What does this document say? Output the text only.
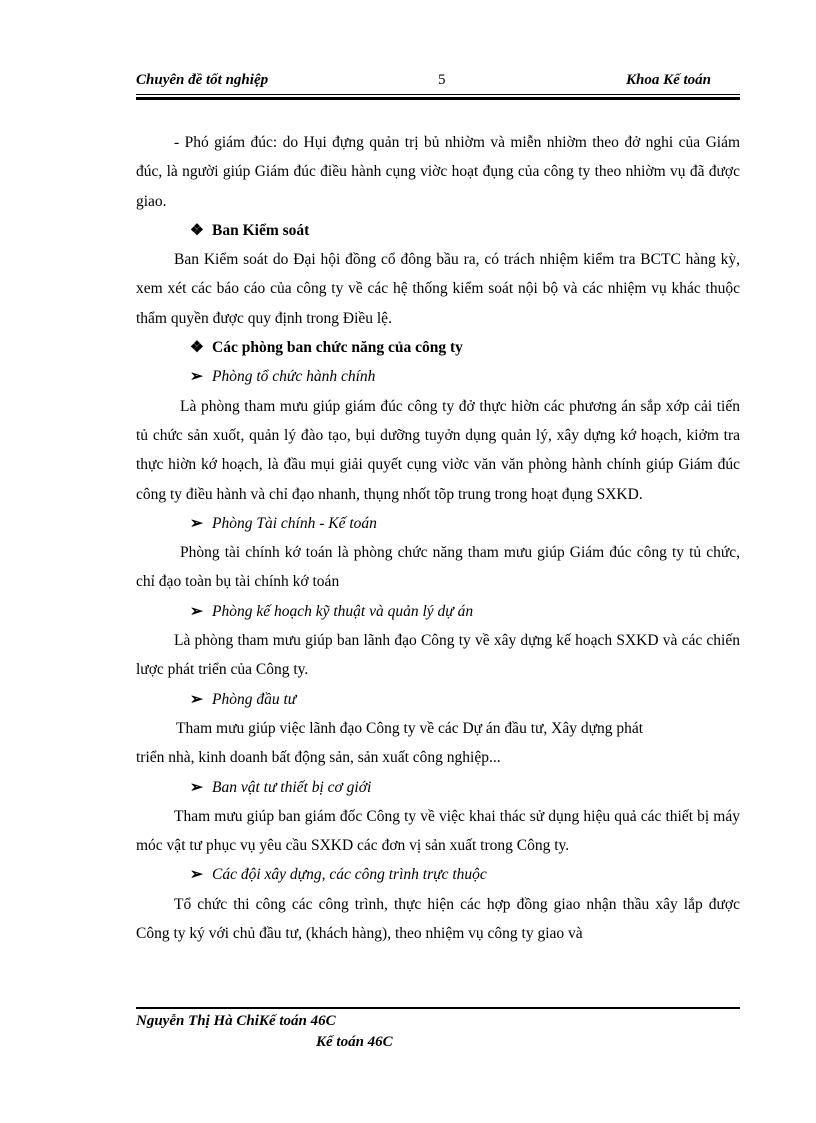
Chuyên đề tốt nghiệp	5	Khoa Kế toán

- Phó giám đúc: do Hụi đựng quản trị bủ nhiờm và miễn nhiờm theo đở nghi của Giám đúc, là người giúp Giám đúc điều hành cụng viờc hoạt đụng của công ty theo nhiờm vụ đã được giao.

❖ Ban Kiểm soát

Ban Kiểm soát do Đại hội đồng cổ đông bầu ra, có trách nhiệm kiểm tra BCTC hàng kỳ, xem xét các báo cáo của công ty về các hệ thống kiểm soát nội bộ và các nhiệm vụ khác thuộc thẩm quyền được quy định trong Điều lệ.

❖ Các phòng ban chức năng của công ty

➢ Phòng tổ chức hành chính

Là phòng tham mưu giúp giám đúc công ty đở thực hiờn các phương án sắp xớp cải tiến tủ chức sản xuốt, quản lý đào tạo, bụi dưỡng tuyởn dụng quản lý, xây dựng kớ hoạch, kiởm tra thực hiờn kớ hoạch, là đầu mụi giải quyết cụng viờc văn văn phòng hành chính giúp Giám đúc công ty điều hành và chỉ đạo nhanh, thụng nhốt tõp trung trong hoạt đụng SXKD.

➢ Phòng Tài chính - Kế toán

Phòng tài chính kớ toán là phòng chức năng tham mưu giúp Giám đúc công ty tủ chức, chỉ đạo toàn bụ tài chính kớ toán

➢ Phòng kế hoạch kỹ thuật và quản lý dự án

Là phòng tham mưu giúp ban lãnh đạo Công ty về xây dựng kế hoạch SXKD và các chiến lược phát triển của Công ty.

➢ Phòng đầu tư

Tham mưu giúp việc lãnh đạo Công ty về các Dự án đầu tư, Xây dựng phát

triển nhà, kinh doanh bất động sản, sản xuất công nghiệp...

➢ Ban vật tư thiết bị cơ giới

Tham mưu giúp ban giám đốc Công ty về việc khai thác sử dụng hiệu quả các thiết bị máy móc vật tư phục vụ yêu cầu SXKD các đơn vị sản xuất trong Công ty.

➢ Các đội xây dựng, các công trình trực thuộc

Tổ chức thi công các công trình, thực hiện các hợp đồng giao nhận thầu xây lắp được Công ty ký với chủ đầu tư, (khách hàng), theo nhiệm vụ công ty giao và

Nguyễn Thị Hà ChiKế toán 46C
Kế toán 46C
